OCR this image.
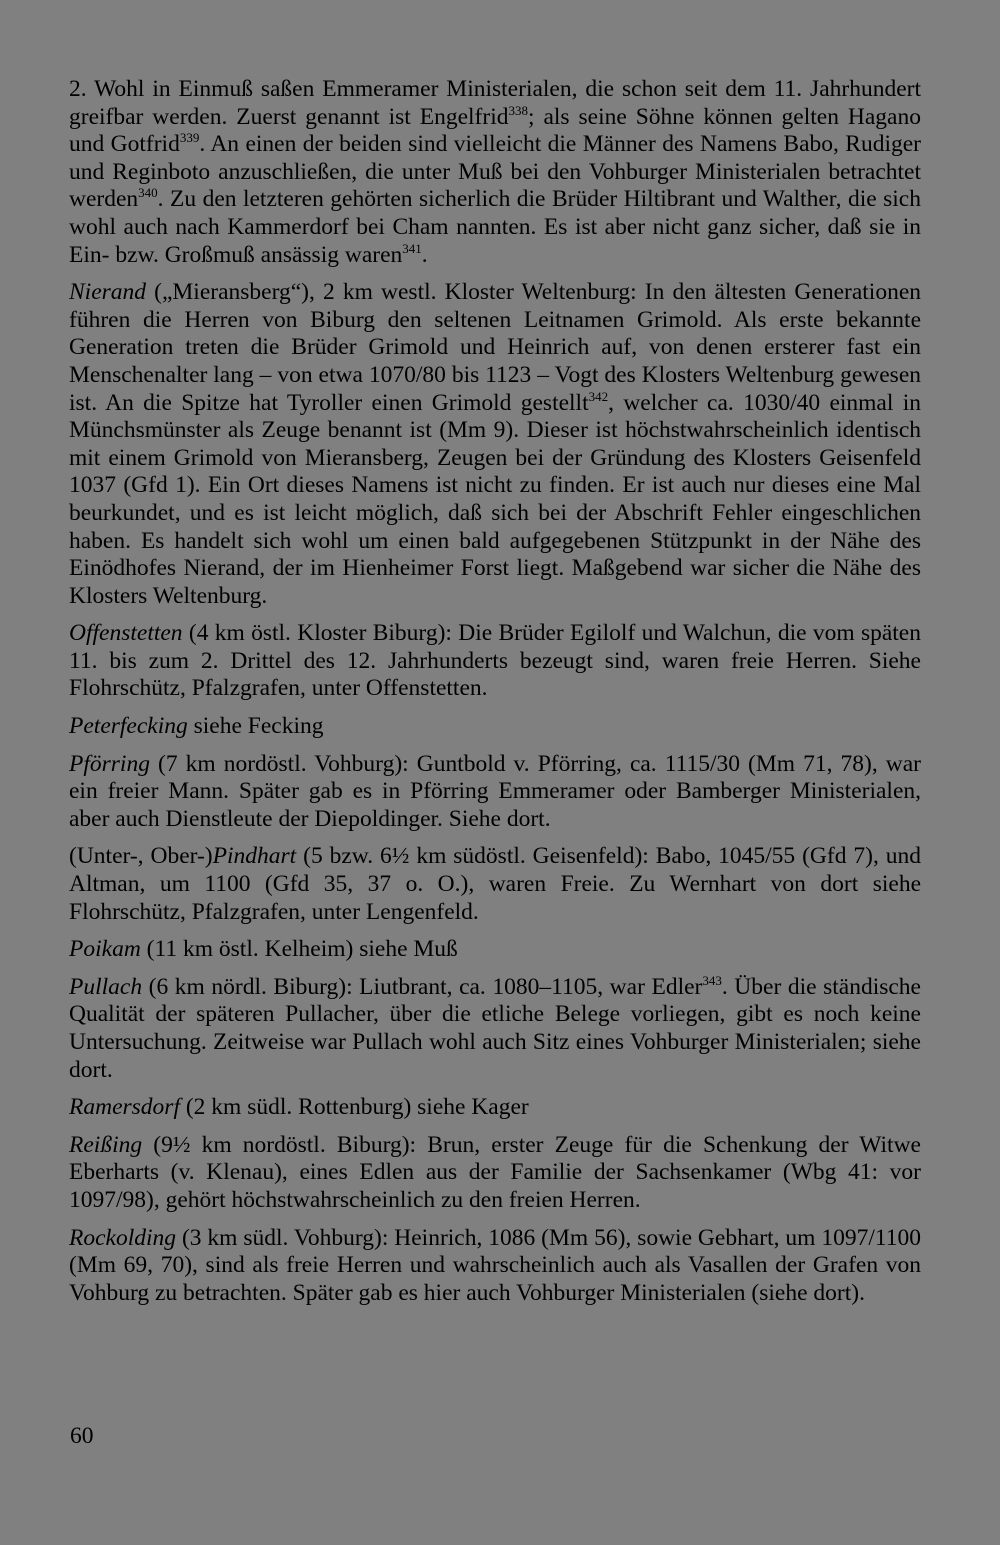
2. Wohl in Einmuß saßen Emmeramer Ministerialen, die schon seit dem 11. Jahrhundert greifbar werden. Zuerst genannt ist Engelfrid$^{338}$; als seine Söhne können gelten Hagano und Gotfrid$^{339}$. An einen der beiden sind vielleicht die Männer des Namens Babo, Rudiger und Reginboto anzuschließen, die unter Muß bei den Vohburger Ministerialen betrachtet werden$^{340}$. Zu den letzteren gehörten sicherlich die Brüder Hiltibrant und Walther, die sich wohl auch nach Kammerdorf bei Cham nannten. Es ist aber nicht ganz sicher, daß sie in Ein- bzw. Großmuß ansässig waren$^{341}$.

Nierand („Mieransberg“), 2 km westl. Kloster Weltenburg: In den ältesten Generationen führen die Herren von Biburg den seltenen Leitnamen Grimold. Als erste bekannte Generation treten die Brüder Grimold und Heinrich auf, von denen ersterer fast ein Menschenalter lang – von etwa 1070/80 bis 1123 – Vogt des Klosters Weltenburg gewesen ist. An die Spitze hat Tyroller einen Grimold gestellt$^{342}$, welcher ca. 1030/40 einmal in Münchsmünster als Zeuge benannt ist (Mm 9). Dieser ist höchstwahrscheinlich identisch mit einem Grimold von Mieransberg, Zeugen bei der Gründung des Klosters Geisenfeld 1037 (Gfd 1). Ein Ort dieses Namens ist nicht zu finden. Er ist auch nur dieses eine Mal beurkundet, und es ist leicht möglich, daß sich bei der Abschrift Fehler eingeschlichen haben. Es handelt sich wohl um einen bald aufgegebenen Stützpunkt in der Nähe des Einödhofes Nierand, der im Hienheimer Forst liegt. Maßgebend war sicher die Nähe des Klosters Weltenburg.

Offenstetten (4 km östl. Kloster Biburg): Die Brüder Egilolf und Walchun, die vom späten 11. bis zum 2. Drittel des 12. Jahrhunderts bezeugt sind, waren freie Herren. Siehe Flohrschütz, Pfalzgrafen, unter Offenstetten.

Peterfecking siehe Fecking

Pförring (7 km nordöstl. Vohburg): Guntbold v. Pförring, ca. 1115/30 (Mm 71, 78), war ein freier Mann. Später gab es in Pförring Emmeramer oder Bamberger Ministerialen, aber auch Dienstleute der Diepoldinger. Siehe dort.

(Unter-, Ober-)Pindhart (5 bzw. 6½ km südöstl. Geisenfeld): Babo, 1045/55 (Gfd 7), und Altman, um 1100 (Gfd 35, 37 o. O.), waren Freie. Zu Wernhart von dort siehe Flohrschütz, Pfalzgrafen, unter Lengenfeld.

Poikam (11 km östl. Kelheim) siehe Muß

Pullach (6 km nördl. Biburg): Liutbrant, ca. 1080–1105, war Edler$^{343}$. Über die ständische Qualität der späteren Pullacher, über die etliche Belege vorliegen, gibt es noch keine Untersuchung. Zeitweise war Pullach wohl auch Sitz eines Vohburger Ministerialen; siehe dort.

Ramersdorf (2 km südl. Rottenburg) siehe Kager

Reißing (9½ km nordöstl. Biburg): Brun, erster Zeuge für die Schenkung der Witwe Eberharts (v. Klenau), eines Edlen aus der Familie der Sachsenkamer (Wbg 41: vor 1097/98), gehört höchstwahrscheinlich zu den freien Herren.

Rockolding (3 km südl. Vohburg): Heinrich, 1086 (Mm 56), sowie Gebhart, um 1097/1100 (Mm 69, 70), sind als freie Herren und wahrscheinlich auch als Vasallen der Grafen von Vohburg zu betrachten. Später gab es hier auch Vohburger Ministerialen (siehe dort).

60
